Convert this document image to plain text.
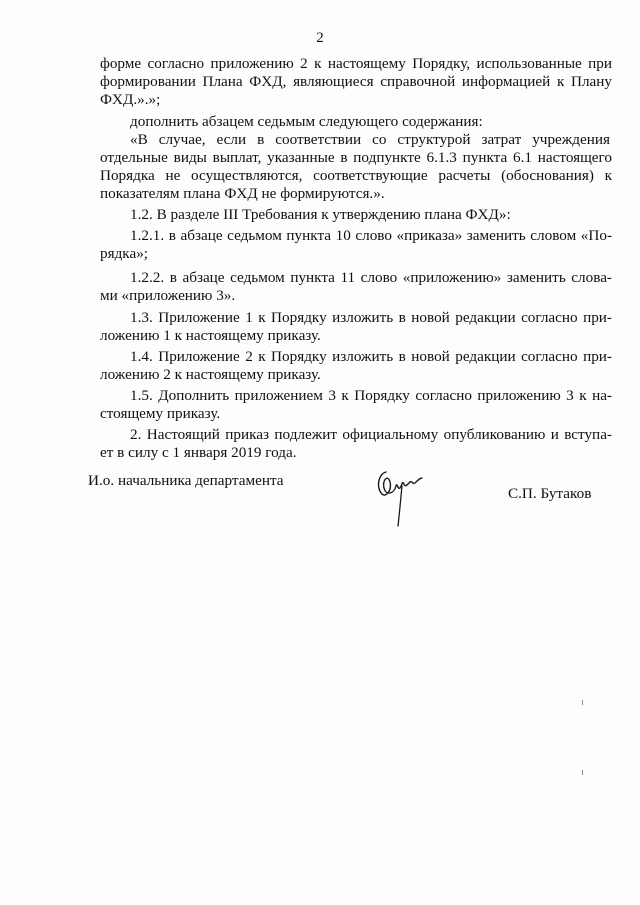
2
форме согласно приложению 2 к настоящему Порядку, использованные при
формировании Плана ФХД, являющиеся справочной информацией к Плану
ФХД.».»;
дополнить абзацем седьмым следующего содержания:
«В случае, если в соответствии со структурой затрат учреждения
отдельные виды выплат, указанные в подпункте 6.1.3 пункта 6.1 настоящего
Порядка не осуществляются, соответствующие расчеты (обоснования) к
показателям плана ФХД не формируются.».
1.2. В разделе III Требования к утверждению плана ФХД»:
1.2.1. в абзаце седьмом пункта 10 слово «приказа» заменить словом «По-
рядка»;
1.2.2. в абзаце седьмом пункта 11 слово «приложению» заменить слова-
ми «приложению 3».
1.3. Приложение 1 к Порядку изложить в новой редакции согласно при-
ложению 1 к настоящему приказу.
1.4. Приложение 2 к Порядку изложить в новой редакции согласно при-
ложению 2 к настоящему приказу.
1.5. Дополнить приложением 3 к Порядку согласно приложению 3 к на-
стоящему приказу.
2. Настоящий приказ подлежит официальному опубликованию и вступа-
ет в силу с 1 января 2019 года.
И.о. начальника департамента
С.П. Бутаков
